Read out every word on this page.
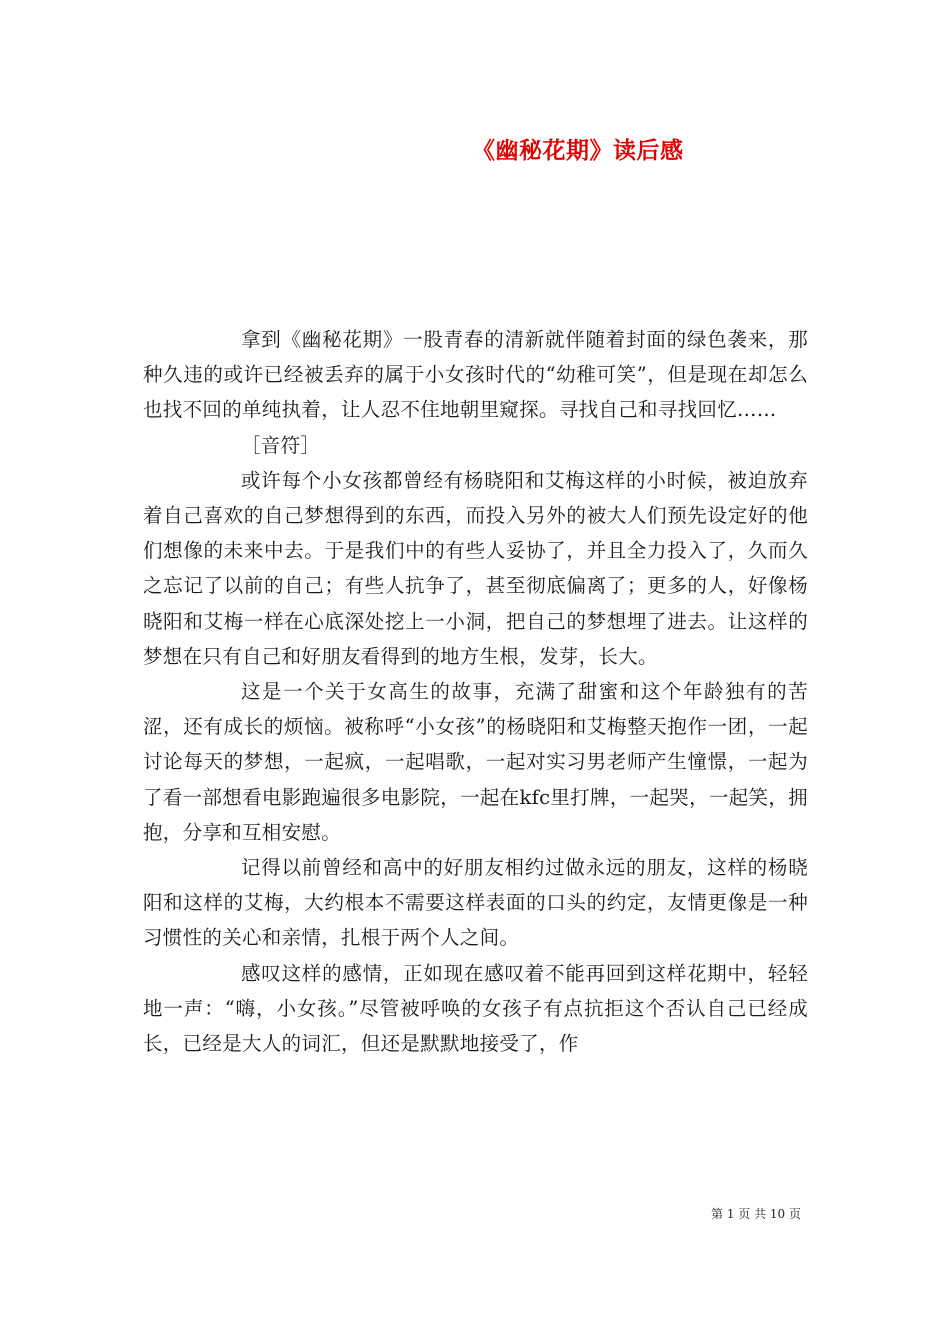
《幽秘花期》读后感

拿到《幽秘花期》一股青春的清新就伴随着封面的绿色袭来，那种久违的或许已经被丢弃的属于小女孩时代的“幼稚可笑”，但是现在却怎么也找不回的单纯执着，让人忍不住地朝里窥探。寻找自己和寻找回忆……

［音符］

或许每个小女孩都曾经有杨晓阳和艾梅这样的小时候，被迫放弃着自己喜欢的自己梦想得到的东西，而投入另外的被大人们预先设定好的他们想像的未来中去。于是我们中的有些人妥协了，并且全力投入了，久而久之忘记了以前的自己；有些人抗争了，甚至彻底偏离了；更多的人，好像杨晓阳和艾梅一样在心底深处挖上一小洞，把自己的梦想埋了进去。让这样的梦想在只有自己和好朋友看得到的地方生根，发芽，长大。

这是一个关于女高生的故事，充满了甜蜜和这个年龄独有的苦涩，还有成长的烦恼。被称呼“小女孩”的杨晓阳和艾梅整天抱作一团，一起讨论每天的梦想，一起疯，一起唱歌，一起对实习男老师产生憧憬，一起为了看一部想看电影跑遍很多电影院，一起在kfc里打牌，一起哭，一起笑，拥抱，分享和互相安慰。

记得以前曾经和高中的好朋友相约过做永远的朋友，这样的杨晓阳和这样的艾梅，大约根本不需要这样表面的口头的约定，友情更像是一种习惯性的关心和亲情，扎根于两个人之间。

感叹这样的感情，正如现在感叹着不能再回到这样花期中，轻轻地一声：“嗨，小女孩。”尽管被呼唤的女孩子有点抗拒这个否认自己已经成长，已经是大人的词汇，但还是默默地接受了，作

第 1 页 共 10 页
